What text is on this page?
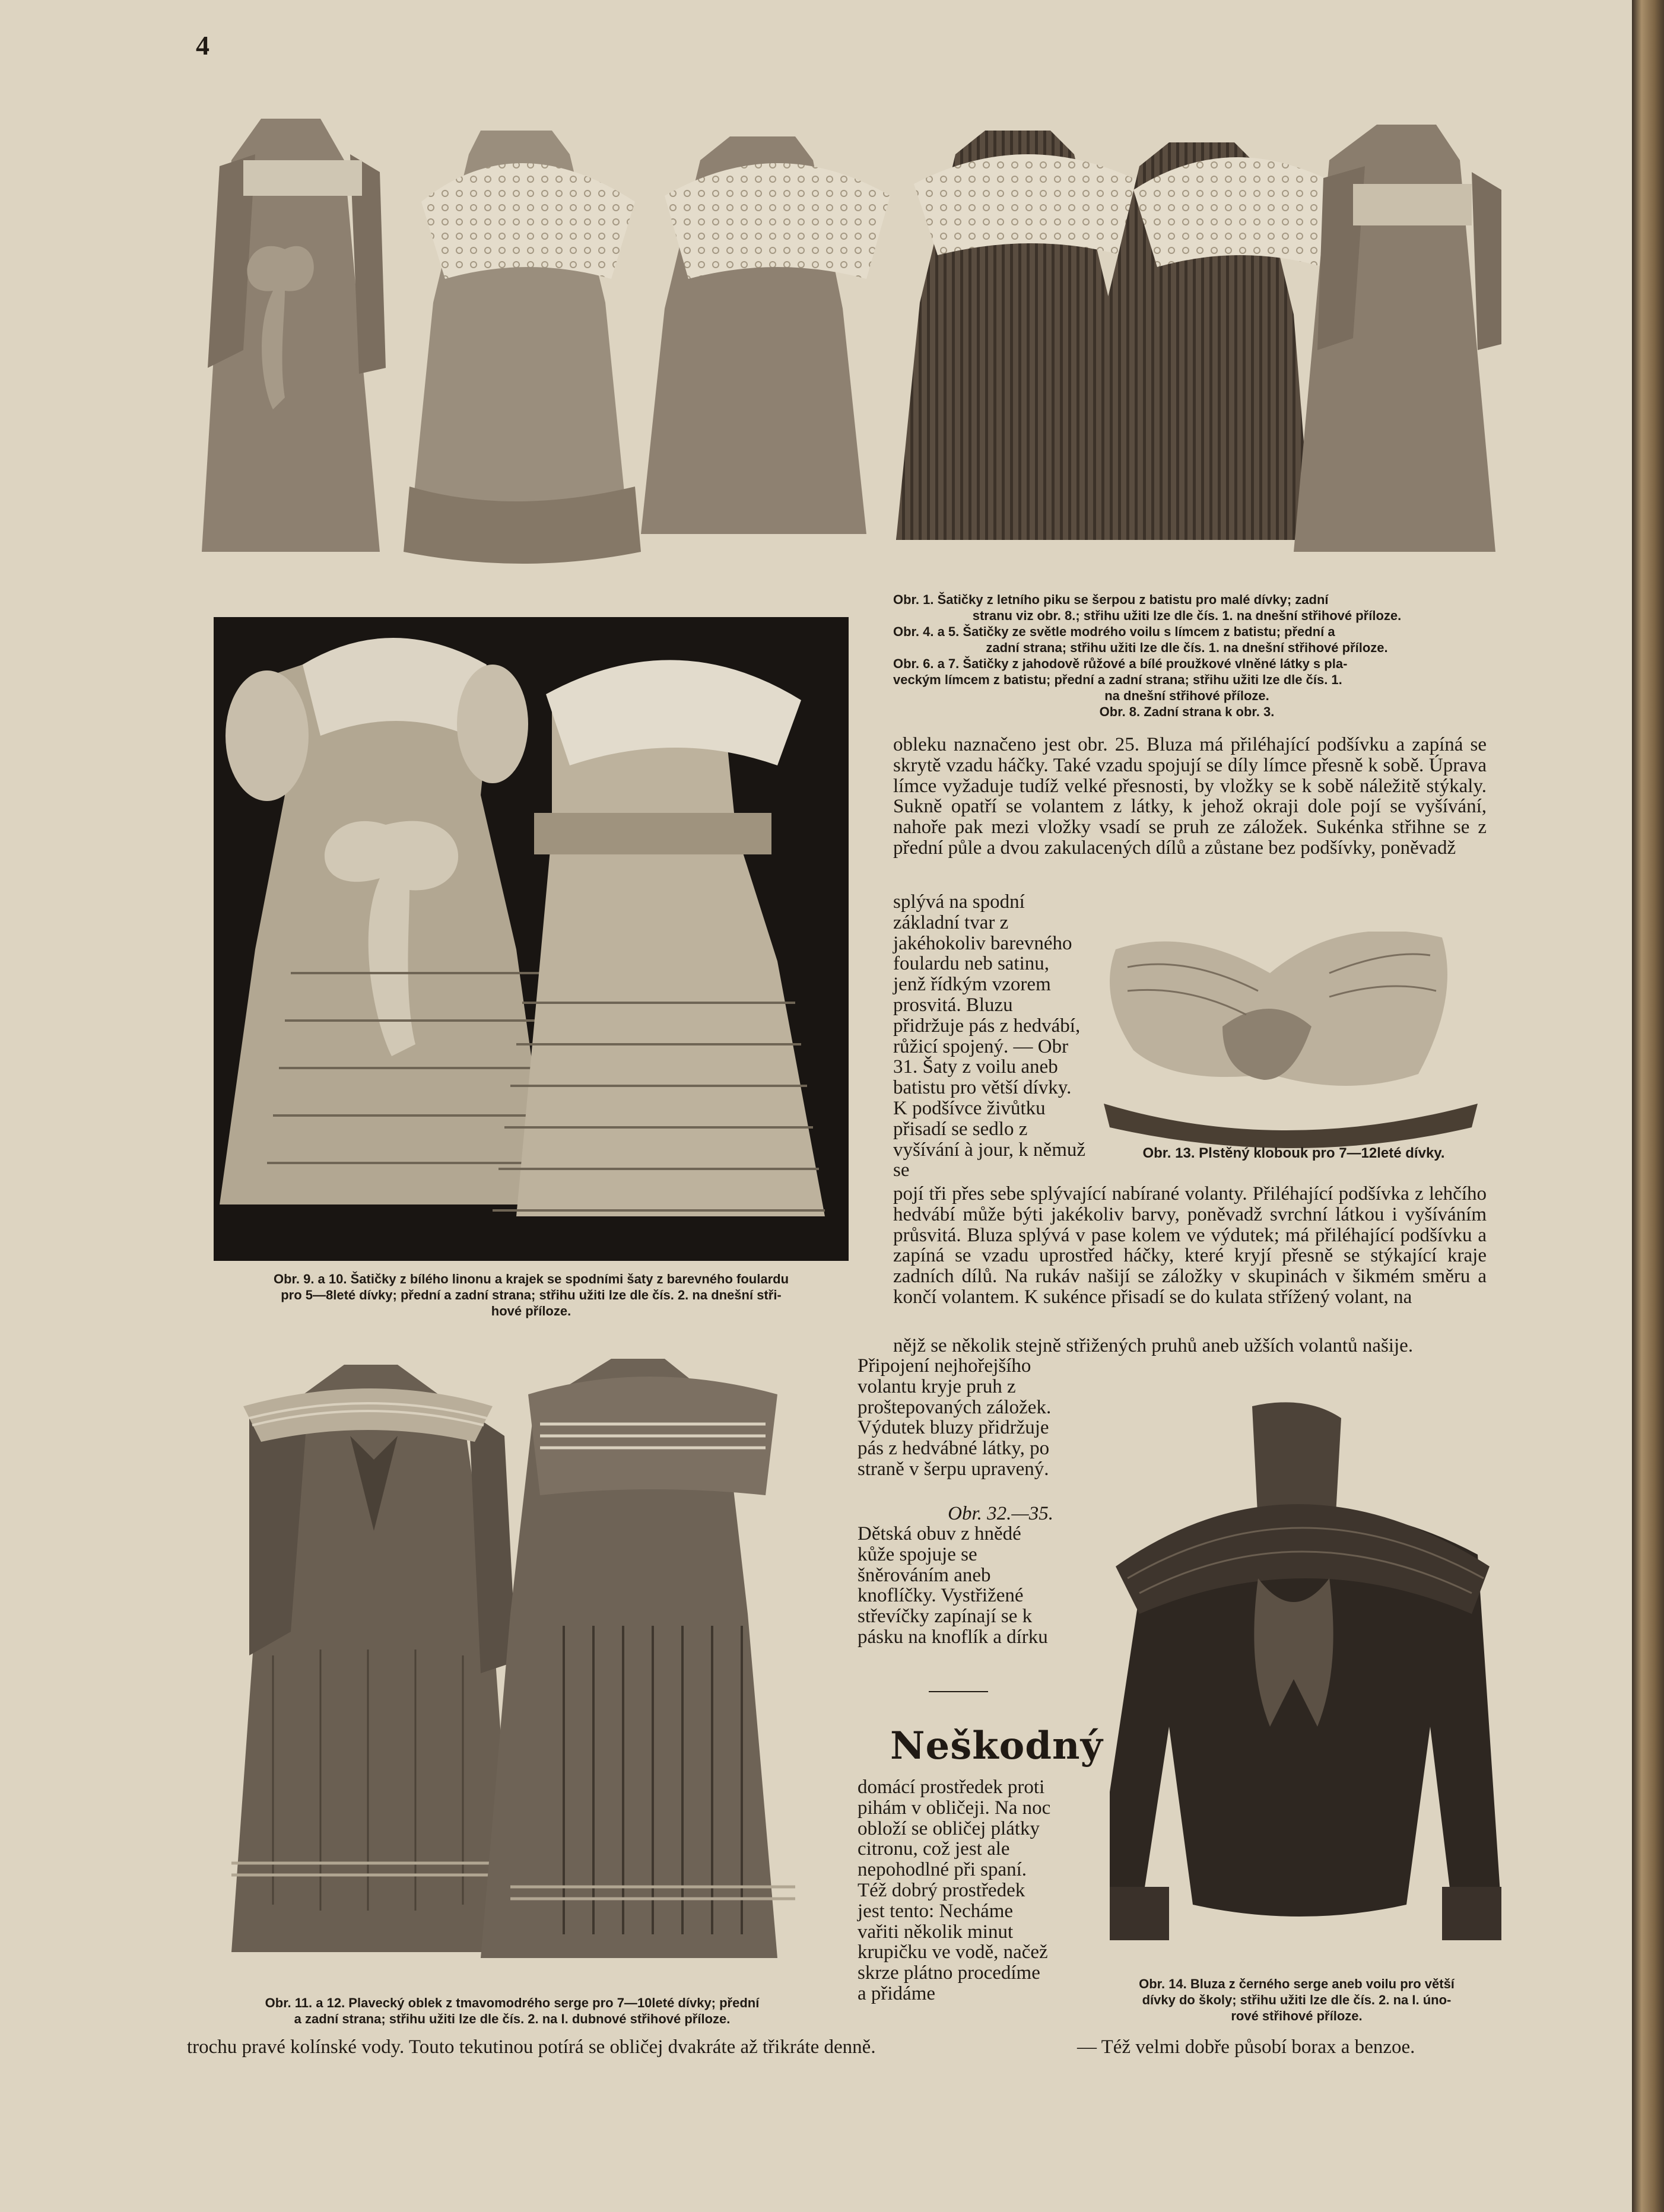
4
Obr. 1. Šatičky z letního piku se šerpou z batistu pro malé dívky; zadní
stranu viz obr. 8.; střihu užiti lze dle čís. 1. na dnešní střihové příloze.
Obr. 4. a 5. Šatičky ze světle modrého voilu s límcem z batistu; přední a
zadní strana; střihu užiti lze dle čís. 1. na dnešní střihové příloze.
Obr. 6. a 7. Šatičky z jahodově růžové a bílé proužkové vlněné látky s pla-
veckým límcem z batistu; přední a zadní strana; střihu užiti lze dle čís. 1.
na dnešní střihové příloze.
Obr. 8. Zadní strana k obr. 3.
Obr. 9. a 10. Šatičky z bílého linonu a krajek se spodními šaty z barevného foulardu
pro 5—8leté dívky; přední a zadní strana; střihu užiti lze dle čís. 2. na dnešní stři-
hové příloze.
obleku naznačeno jest obr. 25. Bluza má přiléhající podšívku a zapíná se skrytě vzadu háčky. Také vzadu spojují se díly límce přesně k sobě. Úprava límce vyžaduje tudíž velké přesnosti, by vložky se k sobě náležitě stýkaly. Sukně opatří se volantem z látky, k jehož okraji dole pojí se vyšívání, nahoře pak mezi vložky vsadí se pruh ze záložek. Sukénka střihne se z přední půle a dvou zakulacených dílů a zůstane bez podšívky, poněvadž
splývá na spodní základní tvar z jakéhokoliv barevného foulardu neb satinu, jenž řídkým vzorem prosvitá. Bluzu přidržuje pás z hedvábí, růžicí spojený. — Obr 31. Šaty z voilu aneb batistu pro větší dívky. K podšívce živůtku přisadí se sedlo z vyšívání à jour, k němuž se
Obr. 13. Plstěný klobouk pro 7—12leté dívky.
pojí tři přes sebe splývající nabírané volanty. Přiléhající podšívka z lehčího hedvábí může býti jakékoliv barvy, poněvadž svrchní látkou i vyšíváním průsvitá. Bluza splývá v pase kolem ve výdutek; má přiléhající podšívku a zapíná se vzadu uprostřed háčky, které kryjí přesně se stýkající kraje zadních dílů. Na rukáv našijí se záložky v skupinách v šikmém směru a končí volantem. K sukénce přisadí se do kulata střížený volant, na
nějž se několik stejně střižených pruhů aneb užších volantů našije.
Připojení nejhořejšího volantu kryje pruh z proštepovaných záložek. Výdutek bluzy přidržuje pás z hedvábné látky, po straně v šerpu upravený.
Obr. 32.—35.
Dětská obuv z hnědé kůže spojuje se šněrováním aneb knoflíčky. Vystřižené střevíčky zapínají se k pásku na knoflík a dírku
Neškodný
domácí prostředek proti pihám v obličeji. Na noc obloží se obličej plátky citronu, což jest ale nepohodlné při spaní. Též dobrý prostředek jest tento: Necháme vařiti několik minut krupičku ve vodě, načež skrze plátno procedíme a přidáme
Obr. 11. a 12. Plavecký oblek z tmavomodrého serge pro 7—10leté dívky; přední
a zadní strana; střihu užiti lze dle čís. 2. na I. dubnové střihové příloze.
Obr. 14. Bluza z černého serge aneb voilu pro větší
dívky do školy; střihu užiti lze dle čís. 2. na I. úno-
rové střihové příloze.
trochu pravé kolínské vody. Touto tekutinou potírá se obličej dvakráte až třikráte denně.	— Též velmi dobře působí borax a benzoe.
